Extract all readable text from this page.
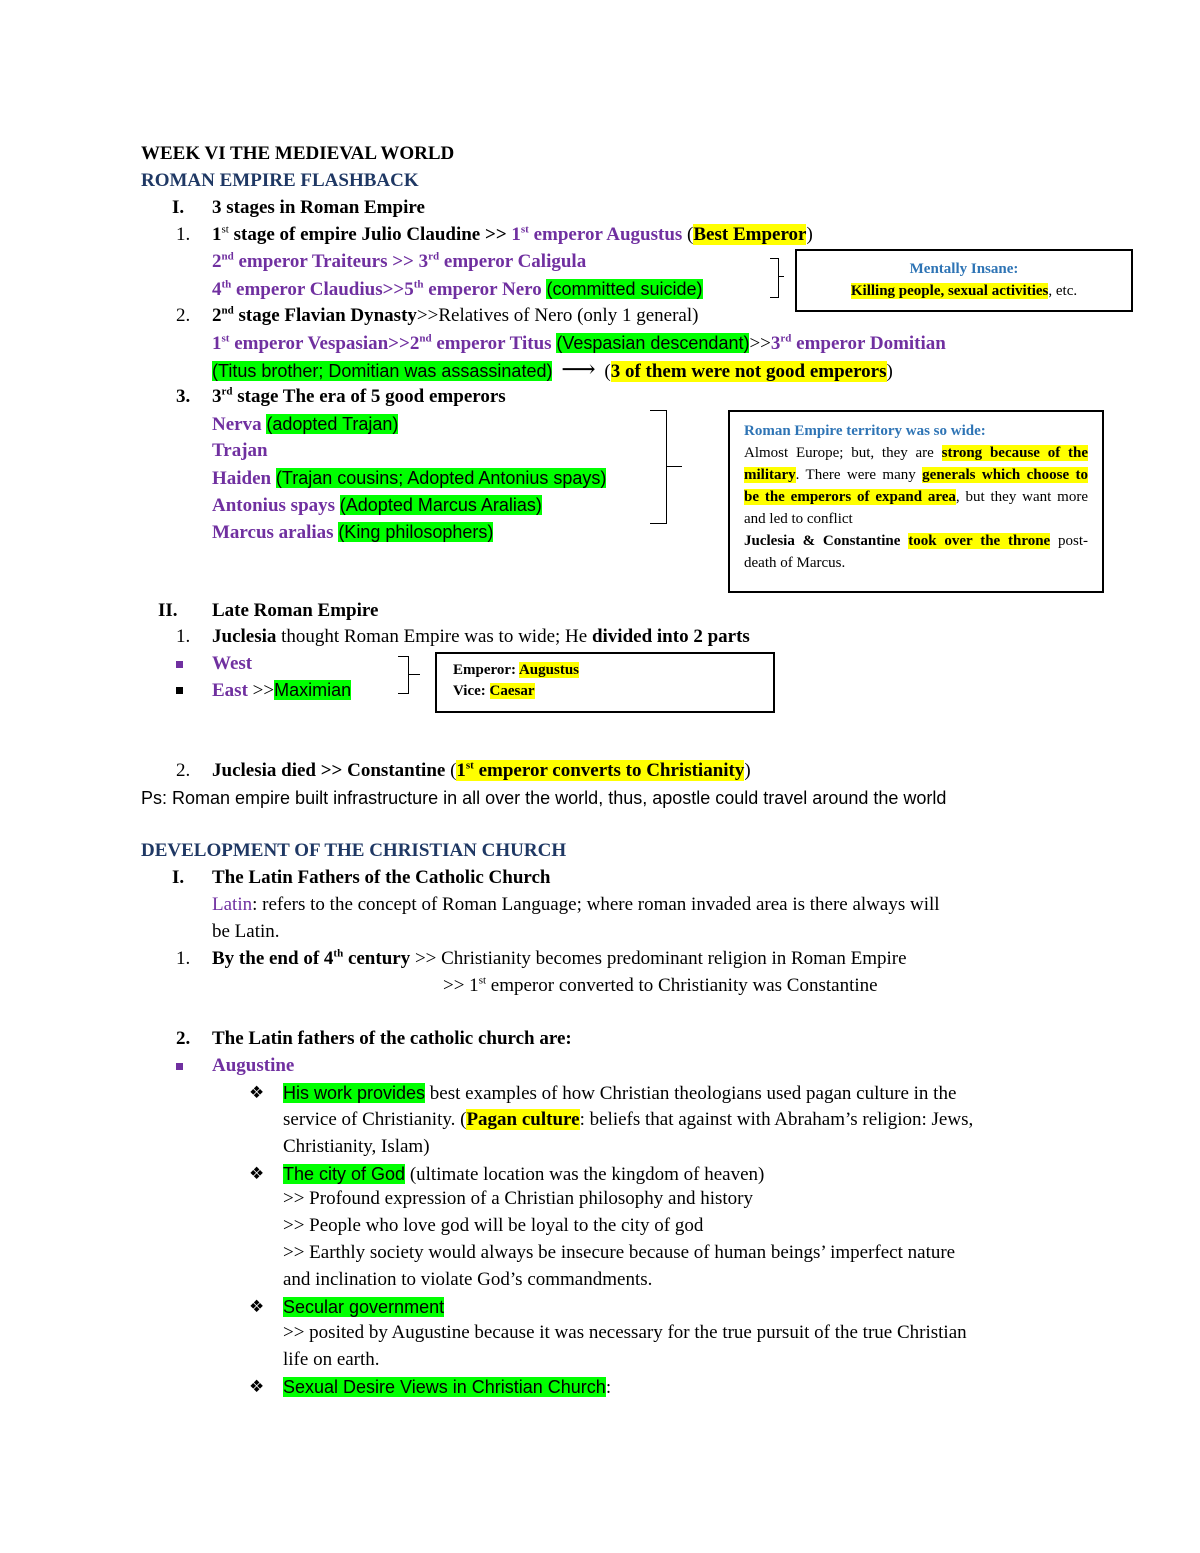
WEEK VI THE MEDIEVAL WORLD
ROMAN EMPIRE FLASHBACK
I. 3 stages in Roman Empire
1. 1st stage of empire Julio Claudine >> 1st emperor Augustus (Best Emperor)
2nd emperor Traiteurs >> 3rd emperor Caligula
4th emperor Claudius>>5th emperor Nero (committed suicide)
Mentally Insane:
Killing people, sexual activities, etc.
2. 2nd stage Flavian Dynasty>>Relatives of Nero (only 1 general)
1st emperor Vespasian>>2nd emperor Titus (Vespasian descendant)>>3rd emperor Domitian
(Titus brother; Domitian was assassinated) ⟶ (3 of them were not good emperors)
3. 3rd stage The era of 5 good emperors
Nerva (adopted Trajan)
Trajan
Haiden (Trajan cousins; Adopted Antonius spays)
Antonius spays (Adopted Marcus Aralias)
Marcus aralias (King philosophers)
Roman Empire territory was so wide:
Almost Europe; but, they are strong because of the military. There were many generals which choose to be the emperors of expand area, but they want more and led to conflict
Juclesia & Constantine took over the throne post-death of Marcus.
II. Late Roman Empire
1. Juclesia thought Roman Empire was to wide; He divided into 2 parts
West
East >>Maximian
Emperor: Augustus
Vice: Caesar
2. Juclesia died >> Constantine (1st emperor converts to Christianity)
Ps: Roman empire built infrastructure in all over the world, thus, apostle could travel around the world
DEVELOPMENT OF THE CHRISTIAN CHURCH
I. The Latin Fathers of the Catholic Church
Latin: refers to the concept of Roman Language; where roman invaded area is there always will
be Latin.
1. By the end of 4th century >> Christianity becomes predominant religion in Roman Empire
>> 1st emperor converted to Christianity was Constantine
2. The Latin fathers of the catholic church are:
Augustine
❖ His work provides best examples of how Christian theologians used pagan culture in the
service of Christianity. (Pagan culture: beliefs that against with Abraham’s religion: Jews,
Christianity, Islam)
❖ The city of God (ultimate location was the kingdom of heaven)
>> Profound expression of a Christian philosophy and history
>> People who love god will be loyal to the city of god
>> Earthly society would always be insecure because of human beings’ imperfect nature
and inclination to violate God’s commandments.
❖ Secular government
>> posited by Augustine because it was necessary for the true pursuit of the true Christian
life on earth.
❖ Sexual Desire Views in Christian Church:
